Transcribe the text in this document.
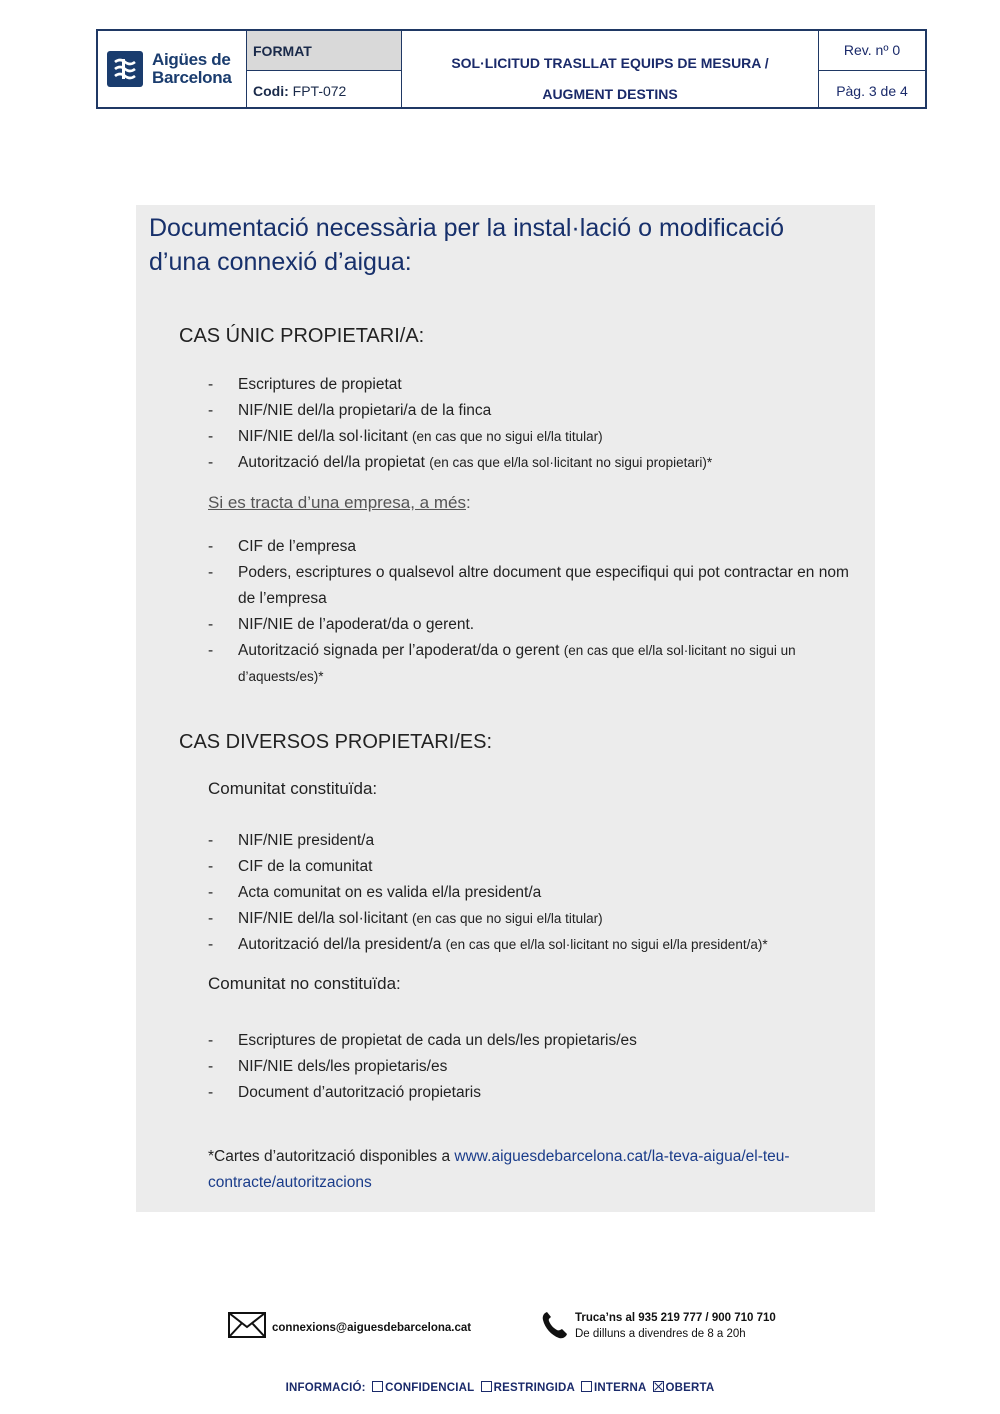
Aigües de
Barcelona
FORMAT
Codi: FPT-072
SOL·LICITUD TRASLLAT EQUIPS DE MESURA /
AUGMENT DESTINS
Rev. nº 0
Pàg. 3 de 4
Documentació necessària per la instal·lació o modificació d’una connexió d’aigua:
CAS ÚNIC PROPIETARI/A:
- Escriptures de propietat
- NIF/NIE del/la propietari/a de la finca
- NIF/NIE del/la sol·licitant (en cas que no sigui el/la titular)
- Autorització del/la propietat (en cas que el/la sol·licitant no sigui propietari)*
Si es tracta d’una empresa, a més:
- CIF de l’empresa
- Poders, escriptures o qualsevol altre document que especifiqui qui pot contractar en nom de l’empresa
- NIF/NIE de l’apoderat/da o gerent.
- Autorització signada per l’apoderat/da o gerent (en cas que el/la sol·licitant no sigui un d’aquests/es)*
CAS DIVERSOS PROPIETARI/ES:
Comunitat constituïda:
- NIF/NIE president/a
- CIF de la comunitat
- Acta comunitat on es valida el/la president/a
- NIF/NIE del/la sol·licitant (en cas que no sigui el/la titular)
- Autorització del/la president/a (en cas que el/la sol·licitant no sigui el/la president/a)*
Comunitat no constituïda:
- Escriptures de propietat de cada un dels/les propietaris/es
- NIF/NIE dels/les propietaris/es
- Document d’autorització propietaris
*Cartes d’autorització disponibles a www.aiguesdebarcelona.cat/la-teva-aigua/el-teu-contracte/autoritzacions
connexions@aiguesdebarcelona.cat
Truca’ns al 935 219 777 / 900 710 710
De dilluns a divendres de 8 a 20h
INFORMACIÓ: CONFIDENCIAL RESTRINGIDA INTERNA OBERTA
